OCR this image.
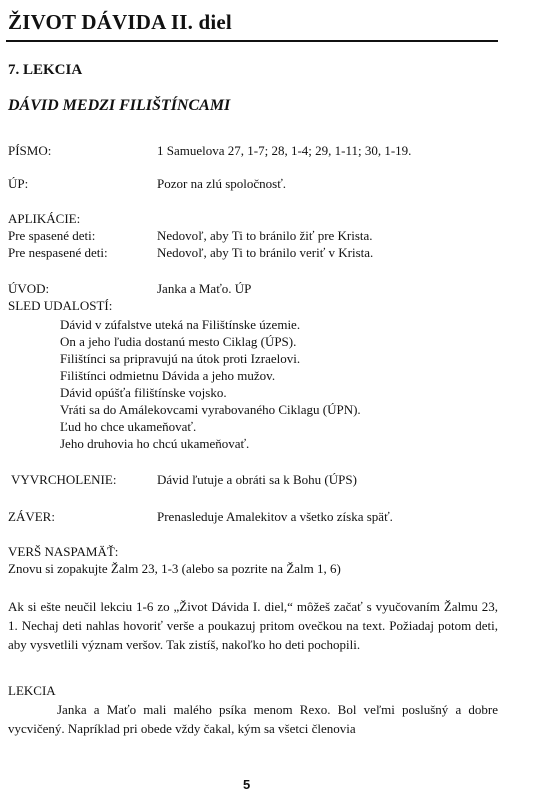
ŽIVOT DÁVIDA II. diel
7. LEKCIA
DÁVID MEDZI FILIŠTÍNCAMI
PÍSMO:	1 Samuelova 27, 1-7; 28, 1-4; 29, 1-11; 30, 1-19.
ÚP:	Pozor na zlú spoločnosť.
APLIKÁCIE:
Pre spasené deti:	Nedovoľ, aby Ti to bránilo žiť pre Krista.
Pre nespasené deti:	Nedovoľ, aby Ti to bránilo veriť v Krista.
ÚVOD:	Janka a Maťo. ÚP
SLED UDALOSTÍ:
Dávid v zúfalstve uteká na Filištínske územie.
On a jeho ľudia dostanú mesto Ciklag (ÚPS).
Filištínci sa pripravujú na útok proti Izraelovi.
Filištínci odmietnu Dávida a jeho mužov.
Dávid opúšťa filištínske vojsko.
Vráti sa do Amálekovcami vyrabovaného Ciklagu (ÚPN).
Ľud ho chce ukameňovať.
Jeho druhovia ho chcú ukameňovať.
VYVRCHOLENIE:	Dávid ľutuje a obráti sa k Bohu (ÚPS)
ZÁVER:	Prenasleduje Amalekitov a všetko získa späť.
VERŠ NASPAMÄŤ:
Znovu si zopakujte Žalm 23, 1-3 (alebo sa pozrite na Žalm 1, 6)
Ak si ešte neučil lekciu 1-6 zo „Život Dávida I. diel,“ môžeš začať s vyučovaním Žalmu 23, 1. Nechaj deti nahlas hovoriť verše a poukazuj pritom ovečkou na text. Požiadaj potom deti, aby vysvetlili význam veršov. Tak zistíš, nakoľko ho deti pochopili.
LEKCIA
Janka a Maťo mali malého psíka menom Rexo. Bol veľmi poslušný a dobre vycvičený. Napríklad pri obede vždy čakal, kým sa všetci členovia
5
